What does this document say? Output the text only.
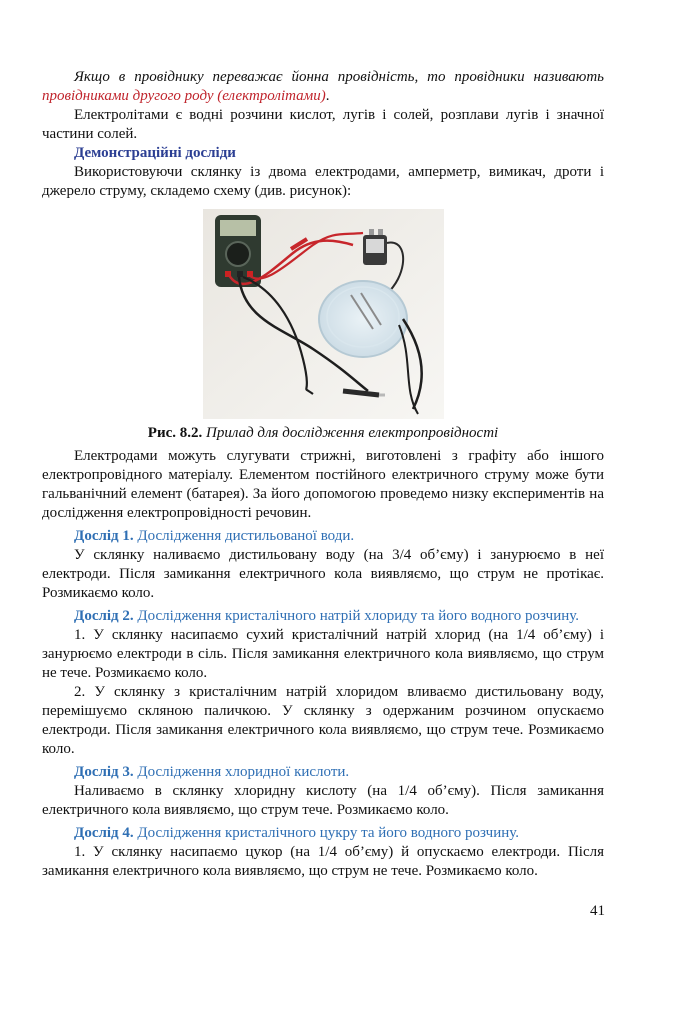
Якщо в провіднику переважає йонна провідність, то провідники називають провідниками другого роду (електролітами).

Електролітами є водні розчини кислот, лугів і солей, розплави лугів і значної частини солей.

Демонстраційні досліди

Використовуючи склянку із двома електродами, амперметр, вимикач, дроти і джерело струму, складемо схему (див. рисунок):

Рис. 8.2. Прилад для дослідження електропровідності

Електродами можуть слугувати стрижні, виготовлені з графіту або іншого електропровідного матеріалу. Елементом постійного електричного струму може бути гальванічний елемент (батарея). За його допомогою проведемо низку експериментів на дослідження електропровідності речовин.

Дослід 1. Дослідження дистильованої води.

У склянку наливаємо дистильовану воду (на 3/4 об’єму) і занурюємо в неї електроди. Після замикання електричного кола виявляємо, що струм не протікає. Розмикаємо коло.

Дослід 2. Дослідження кристалічного натрій хлориду та його водного розчину.

1. У склянку насипаємо сухий кристалічний натрій хлорид (на 1/4 об’єму) і занурюємо електроди в сіль. Після замикання електричного кола виявляємо, що струм не тече. Розмикаємо коло.

2. У склянку з кристалічним натрій хлоридом вливаємо дистильовану воду, перемішуємо скляною паличкою. У склянку з одержаним розчином опускаємо електроди. Після замикання електричного кола виявляємо, що струм тече. Розмикаємо коло.

Дослід 3. Дослідження хлоридної кислоти.

Наливаємо в склянку хлоридну кислоту (на 1/4 об’єму). Після замикання електричного кола виявляємо, що струм тече. Розмикаємо коло.

Дослід 4. Дослідження кристалічного цукру та його водного розчину.

1. У склянку насипаємо цукор (на 1/4 об’єму) й опускаємо електроди. Після замикання електричного кола виявляємо, що струм не тече. Розмикаємо коло.

41
